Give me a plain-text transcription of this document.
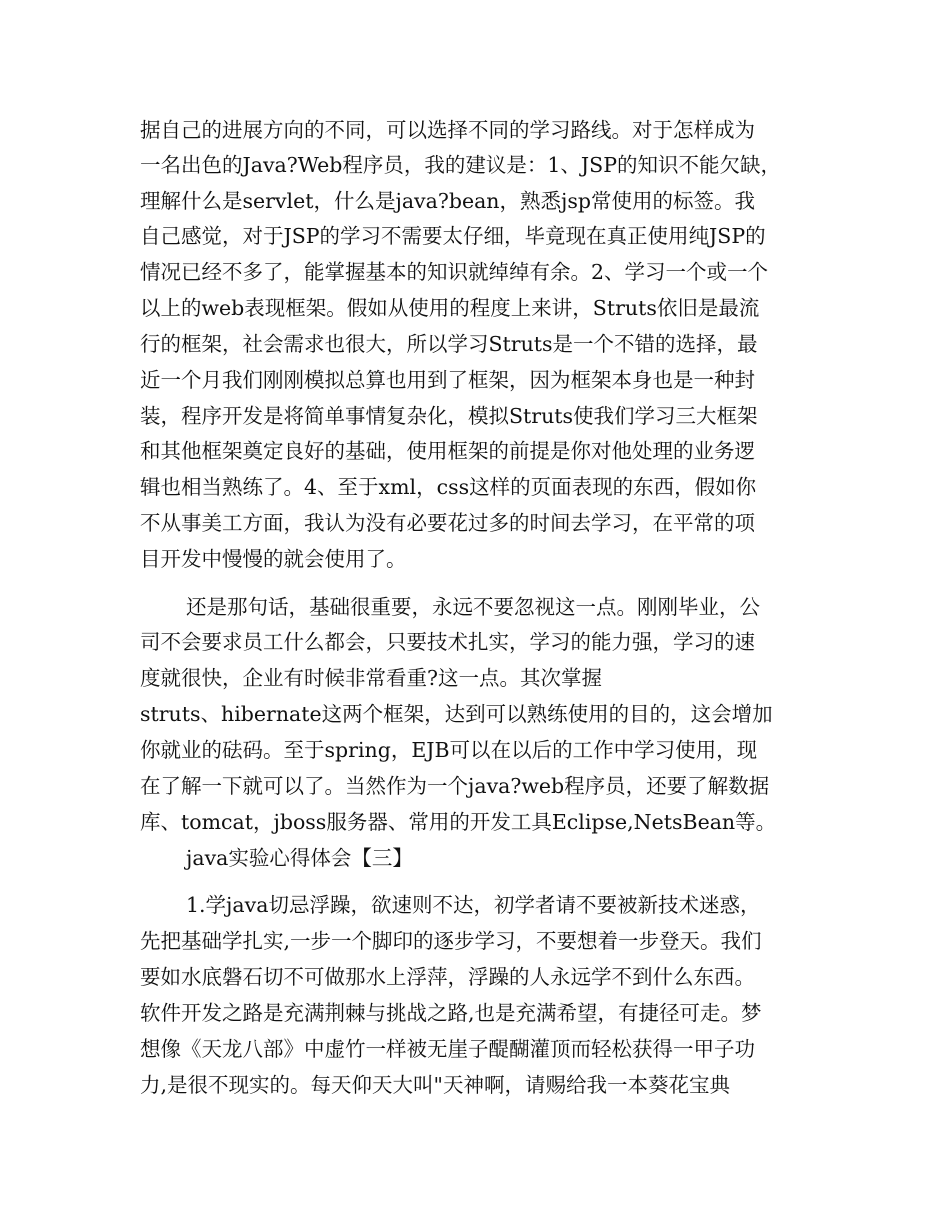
据自己的进展方向的不同，可以选择不同的学习路线。对于怎样成为
一名出色的Java?Web程序员，我的建议是：1、JSP的知识不能欠缺，
理解什么是servlet，什么是java?bean，熟悉jsp常使用的标签。我
自己感觉，对于JSP的学习不需要太仔细，毕竟现在真正使用纯JSP的
情况已经不多了，能掌握基本的知识就绰绰有余。2、学习一个或一个
以上的web表现框架。假如从使用的程度上来讲，Struts依旧是最流
行的框架，社会需求也很大，所以学习Struts是一个不错的选择，最
近一个月我们刚刚模拟总算也用到了框架，因为框架本身也是一种封
装，程序开发是将简单事情复杂化，模拟Struts使我们学习三大框架
和其他框架奠定良好的基础，使用框架的前提是你对他处理的业务逻
辑也相当熟练了。4、至于xml，css这样的页面表现的东西，假如你
不从事美工方面，我认为没有必要花过多的时间去学习，在平常的项
目开发中慢慢的就会使用了。
还是那句话，基础很重要，永远不要忽视这一点。刚刚毕业，公
司不会要求员工什么都会，只要技术扎实，学习的能力强，学习的速
度就很快，企业有时候非常看重?这一点。其次掌握
struts、hibernate这两个框架，达到可以熟练使用的目的，这会增加
你就业的砝码。至于spring，EJB可以在以后的工作中学习使用，现
在了解一下就可以了。当然作为一个java?web程序员，还要了解数据
库、tomcat，jboss服务器、常用的开发工具Eclipse,NetsBean等。
java实验心得体会【三】
1.学java切忌浮躁，欲速则不达，初学者请不要被新技术迷惑，
先把基础学扎实,一步一个脚印的逐步学习，不要想着一步登天。我们
要如水底磐石切不可做那水上浮萍，浮躁的人永远学不到什么东西。
软件开发之路是充满荆棘与挑战之路,也是充满希望，有捷径可走。梦
想像《天龙八部》中虚竹一样被无崖子醍醐灌顶而轻松获得一甲子功
力,是很不现实的。每天仰天大叫"天神啊，请赐给我一本葵花宝典
